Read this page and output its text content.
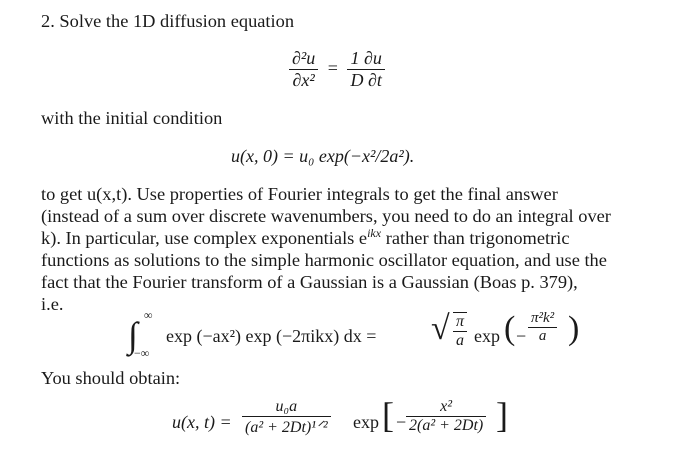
2. Solve the 1D diffusion equation
$\frac{\text{∂²u}}{\text{∂x²}} = \frac{1 \partial u}{D \partial t}$
with the initial condition
u(x, 0) = u₀ exp(−x²/2a²).
to get u(x,t). Use properties of Fourier integrals to get the final answer
(instead of a sum over discrete wavenumbers, you need to do an integral over
k). In particular, use complex exponentials $e^{ikx}$ rather than trigonometric
functions as solutions to the simple harmonic oscillator equation, and use the
fact that the Fourier transform of a Gaussian is a Gaussian (Boas p. 379),
i.e.
∫ ∞
−∞
exp (−ax²) exp (−2πikx) dx = √ $\frac{\pi}{a}$ exp ( − $\frac{\text{π²k²}}{a}$ )
You should obtain:
u(x, t) =
u₀a
(a² + 2Dt)¹ᐟ² exp [ − $\frac{\text{x²}}{\text{2(a² + 2Dt)}}$ ]
